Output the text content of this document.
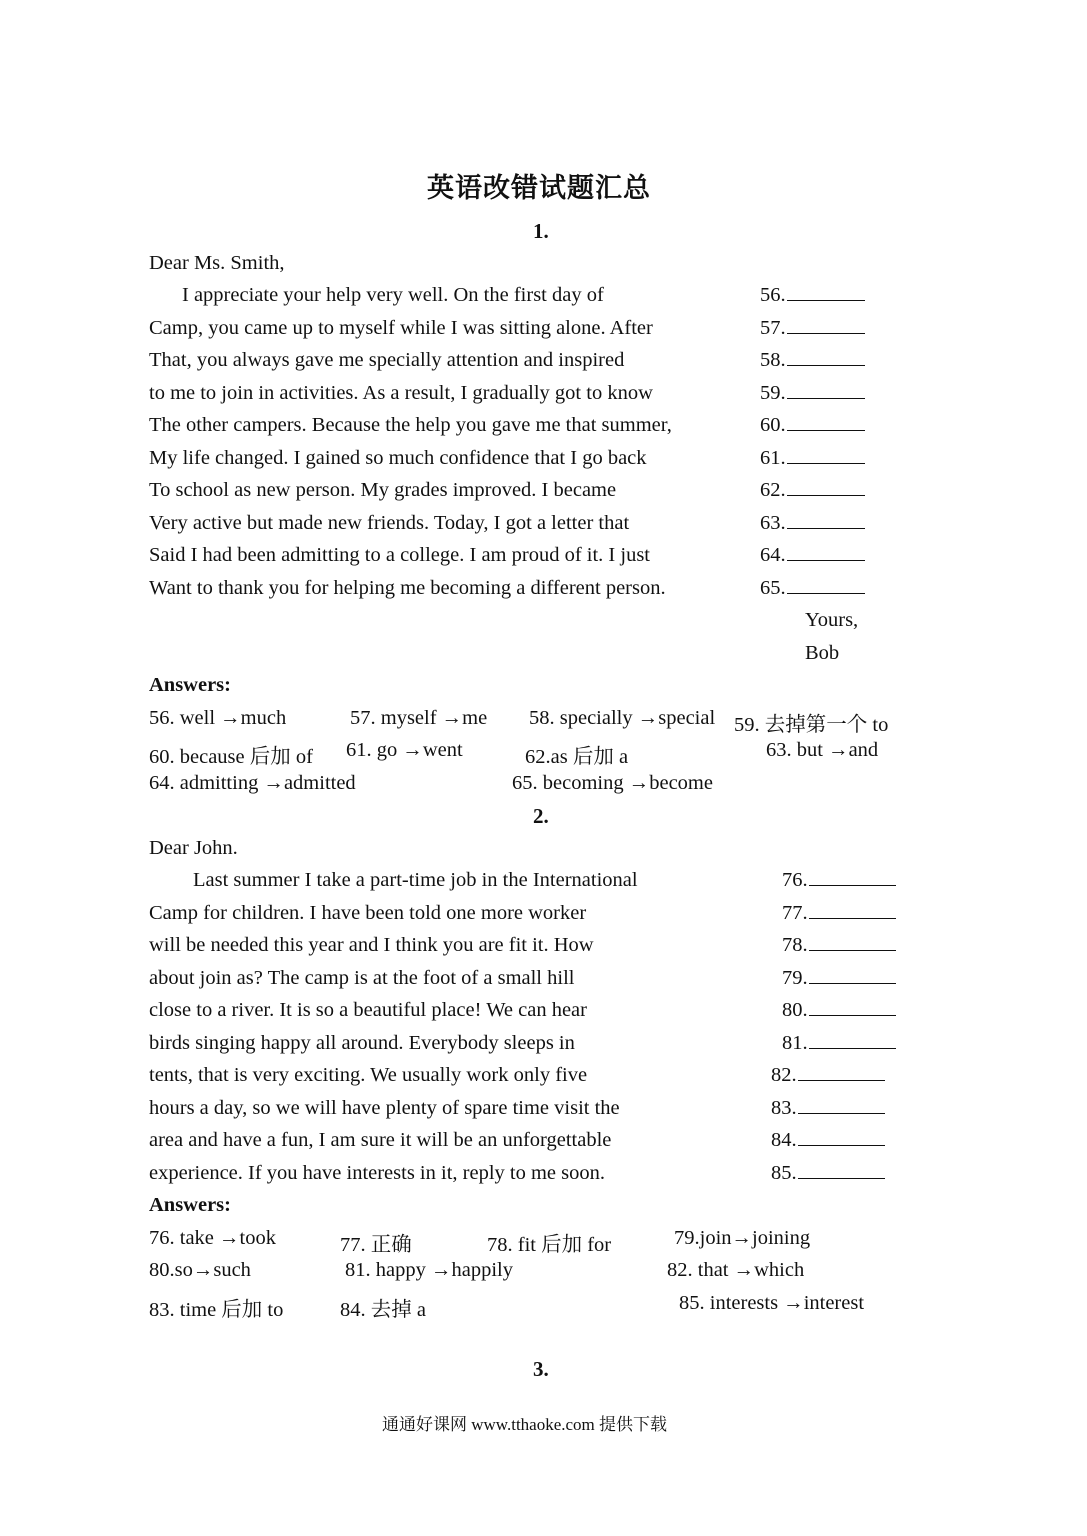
英语改错试题汇总
1.
Dear Ms. Smith,
I appreciate your help very well. On the first day of	56.
Camp, you came up to myself while I was sitting alone. After	57.
That, you always gave me specially attention and inspired	58.
to me to join in activities. As a result, I gradually got to know	59.
The other campers. Because the help you gave me that summer,	60.
My life changed. I gained so much confidence that I go back	61.
To school as new person. My grades improved. I became	62.
Very active but made new friends. Today, I got a letter that	63.
Said I had been admitting to a college. I am proud of it. I just	64.
Want to thank you for helping me becoming a different person.	65.
Yours,
Bob
Answers:
56. well →much	57. myself →me 58. specially →special 59. 去掉第一个 to
60. because 后加 of 61. go →went	62.as 后加 a	63. but →and
64. admitting →admitted	65. becoming →become
2.
Dear John.
Last summer I take a part-time job in the International	76.
Camp for children. I have been told one more worker	77.
will be needed this year and I think you are fit it. How	78.
about join as? The camp is at the foot of a small hill	79.
close to a river. It is so a beautiful place! We can hear	80.
birds singing happy all around. Everybody sleeps in	81.
tents, that is very exciting. We usually work only five	82.
hours a day, so we will have plenty of spare time visit the	83.
area and have a fun, I am sure it will be an unforgettable	84.
experience. If you have interests in it, reply to me soon.	85.
Answers:
76. take →took	77. 正确	78. fit 后加 for	79.join→joining
80.so→such	81. happy →happily	82. that →which
83. time 后加 to	84. 去掉 a	85. interests →interest
3.
通通好课网 www.tthaoke.com 提供下载
